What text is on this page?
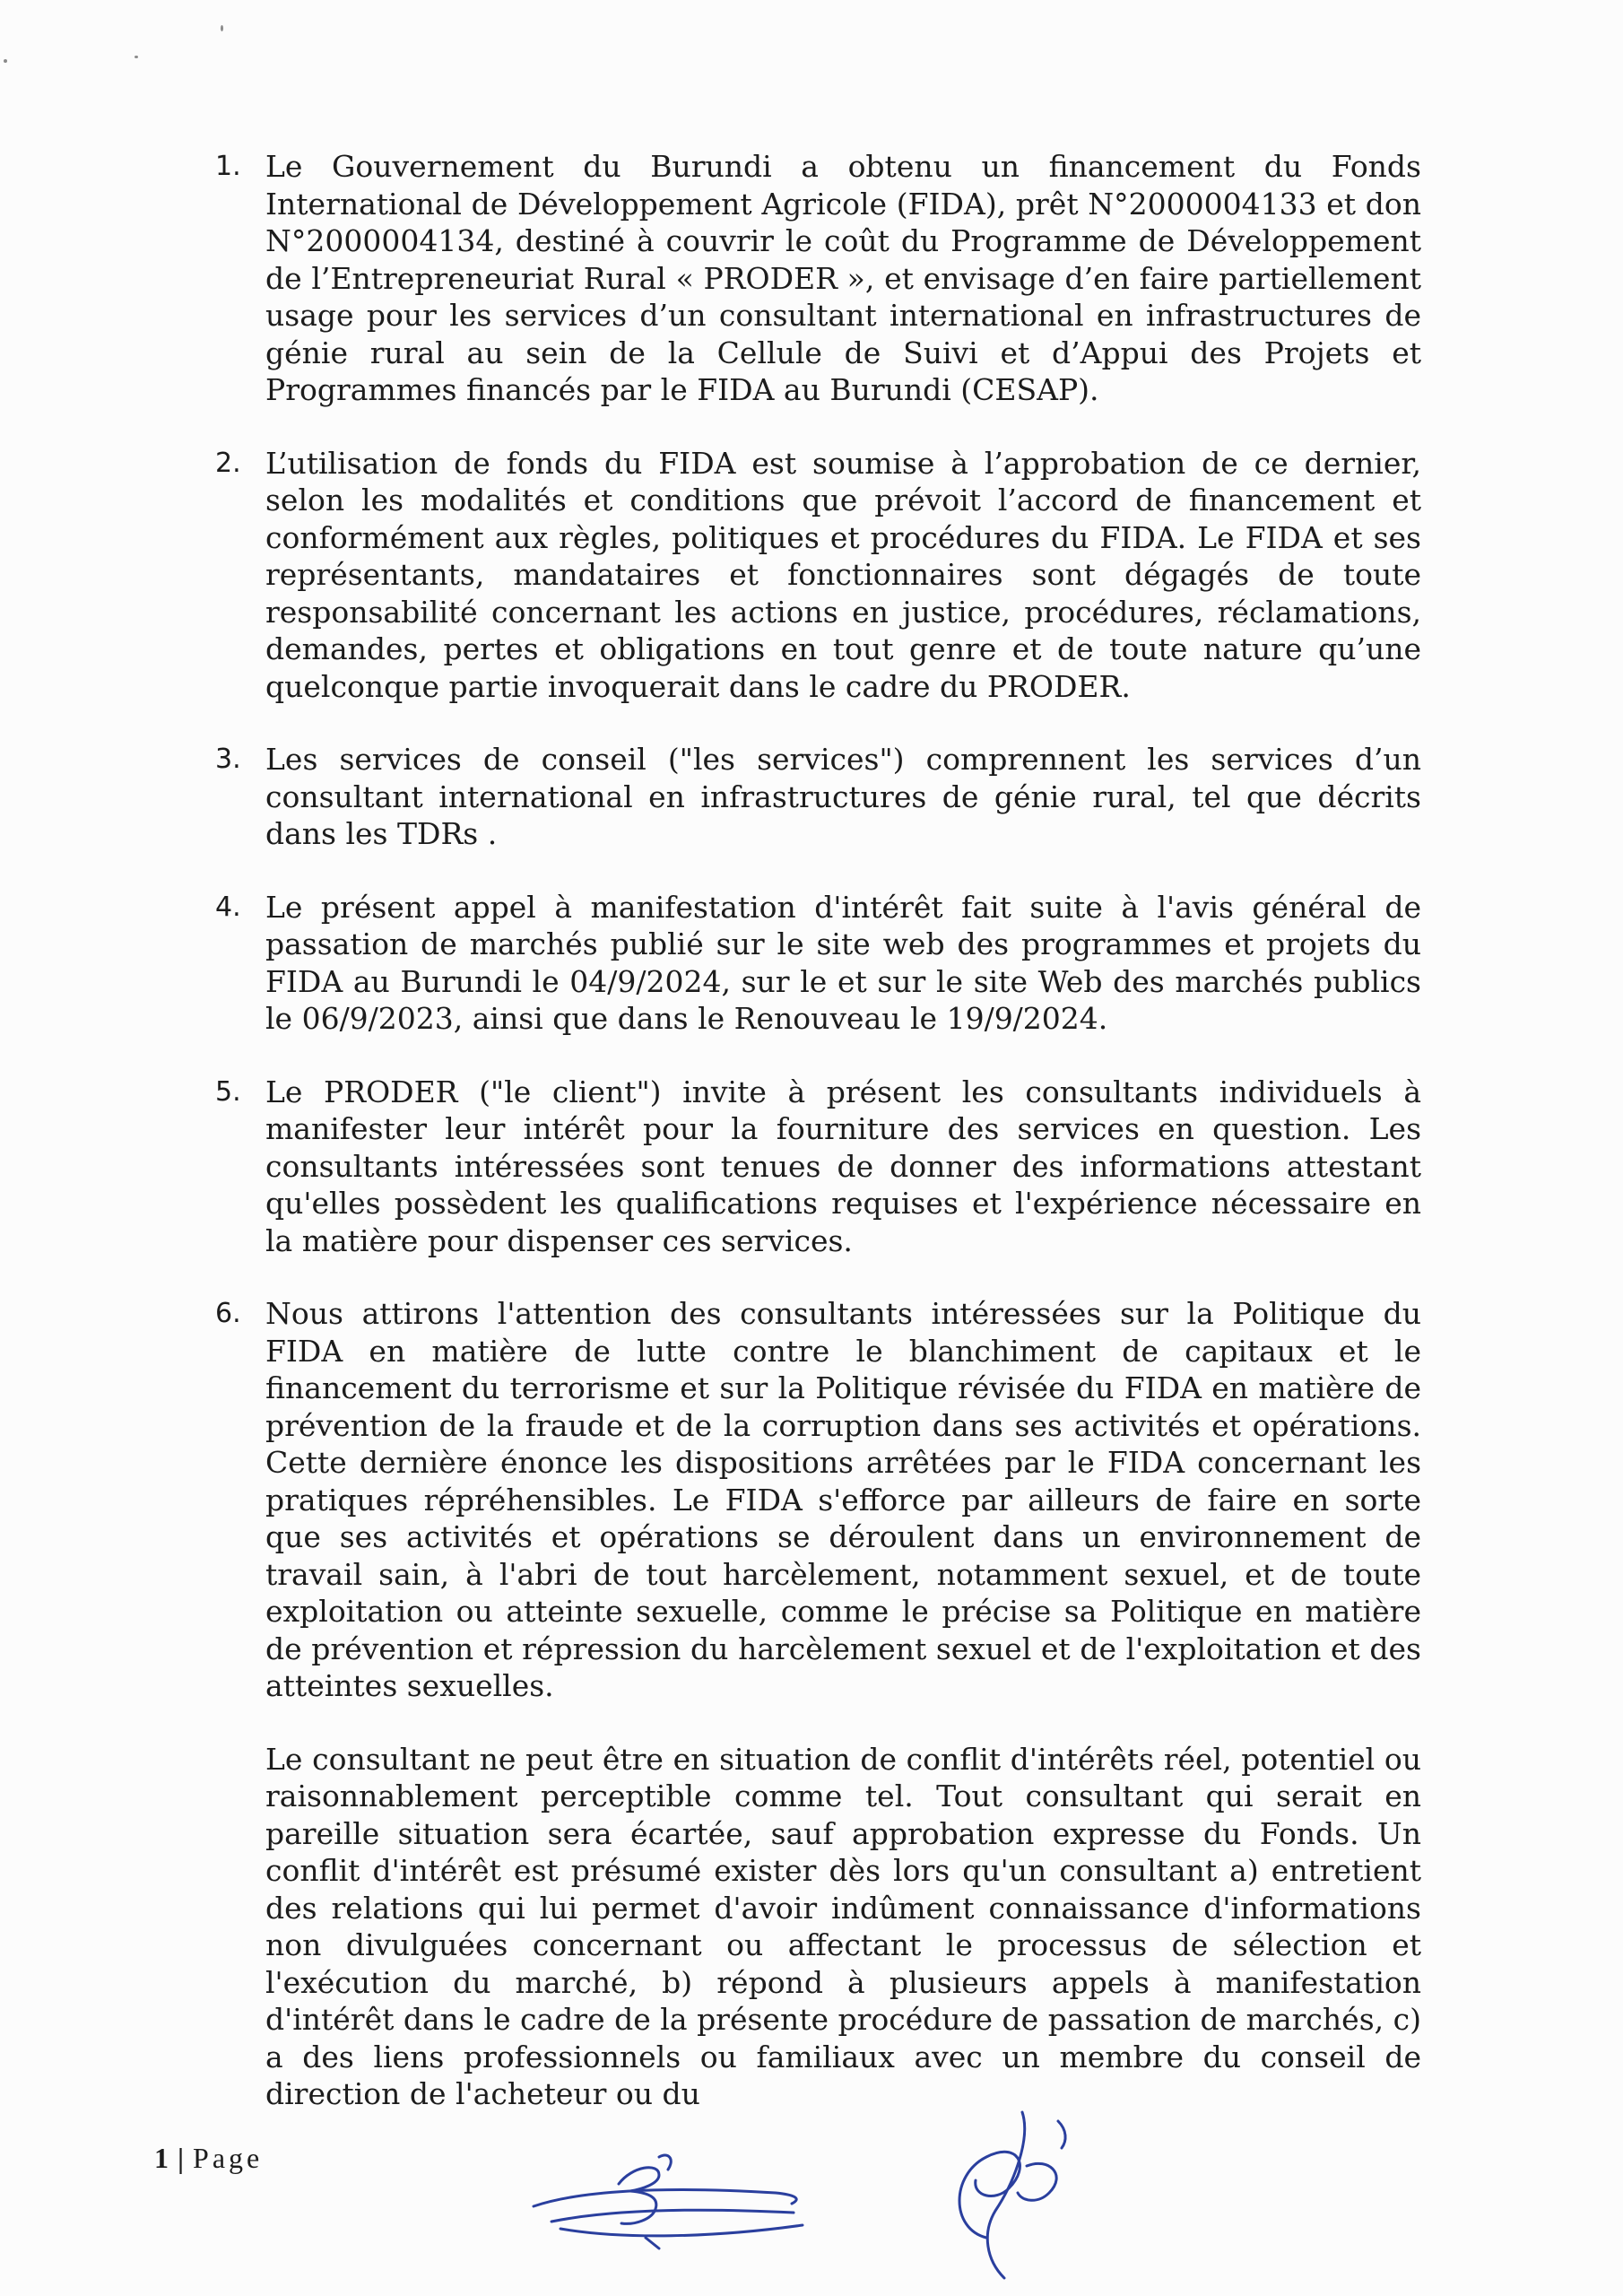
1. Le Gouvernement du Burundi a obtenu un financement du Fonds International de Développement Agricole (FIDA), prêt N°2000004133 et don N°2000004134, destiné à couvrir le coût du Programme de Développement de l’Entrepreneuriat Rural « PRODER », et envisage d’en faire partiellement usage pour les services d’un consultant international en infrastructures de génie rural au sein de la Cellule de Suivi et d’Appui des Projets et Programmes financés par le FIDA au Burundi (CESAP).

2. L’utilisation de fonds du FIDA est soumise à l’approbation de ce dernier, selon les modalités et conditions que prévoit l’accord de financement et conformément aux règles, politiques et procédures du FIDA. Le FIDA et ses représentants, mandataires et fonctionnaires sont dégagés de toute responsabilité concernant les actions en justice, procédures, réclamations, demandes, pertes et obligations en tout genre et de toute nature qu’une quelconque partie invoquerait dans le cadre du PRODER.

3. Les services de conseil ("les services") comprennent les services d’un consultant international en infrastructures de génie rural, tel que décrits dans les TDRs .

4. Le présent appel à manifestation d'intérêt fait suite à l'avis général de passation de marchés publié sur le site web des programmes et projets du FIDA au Burundi le 04/9/2024, sur le et sur le site Web des marchés publics le 06/9/2023, ainsi que dans le Renouveau le 19/9/2024.

5. Le PRODER ("le client") invite à présent les consultants individuels à manifester leur intérêt pour la fourniture des services en question. Les consultants intéressées sont tenues de donner des informations attestant qu'elles possèdent les qualifications requises et l'expérience nécessaire en la matière pour dispenser ces services.

6. Nous attirons l'attention des consultants intéressées sur la Politique du FIDA en matière de lutte contre le blanchiment de capitaux et le financement du terrorisme et sur la Politique révisée du FIDA en matière de prévention de la fraude et de la corruption dans ses activités et opérations. Cette dernière énonce les dispositions arrêtées par le FIDA concernant les pratiques répréhensibles. Le FIDA s'efforce par ailleurs de faire en sorte que ses activités et opérations se déroulent dans un environnement de travail sain, à l'abri de tout harcèlement, notamment sexuel, et de toute exploitation ou atteinte sexuelle, comme le précise sa Politique en matière de prévention et répression du harcèlement sexuel et de l'exploitation et des atteintes sexuelles.

Le consultant ne peut être en situation de conflit d'intérêts réel, potentiel ou raisonnablement perceptible comme tel. Tout consultant qui serait en pareille situation sera écartée, sauf approbation expresse du Fonds. Un conflit d'intérêt est présumé exister dès lors qu'un consultant a) entretient des relations qui lui permet d'avoir indûment connaissance d'informations non divulguées concernant ou affectant le processus de sélection et l'exécution du marché, b) répond à plusieurs appels à manifestation d'intérêt dans le cadre de la présente procédure de passation de marchés, c) a des liens professionnels ou familiaux avec un membre du conseil de direction de l'acheteur ou du

1 | Page
